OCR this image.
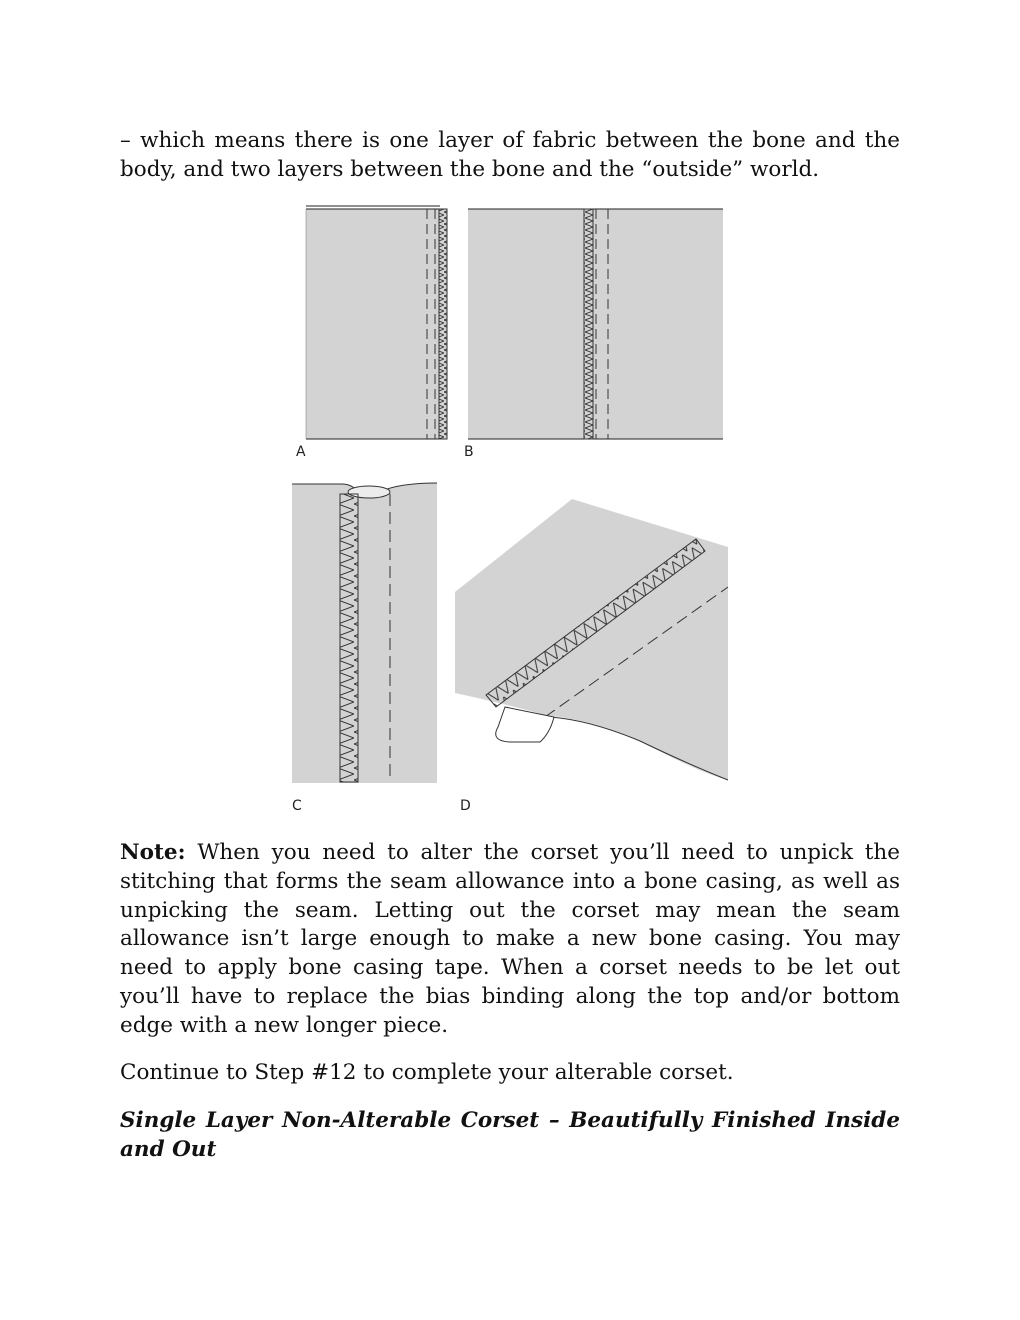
– which means there is one layer of fabric between the bone and the body, and two layers between the bone and the “outside” world.

A	B
C	D

Note: When you need to alter the corset you’ll need to unpick the stitching that forms the seam allowance into a bone casing, as well as unpicking the seam. Letting out the corset may mean the seam allowance isn’t large enough to make a new bone casing. You may need to apply bone casing tape. When a corset needs to be let out you’ll have to replace the bias binding along the top and/or bottom edge with a new longer piece.

Continue to Step #12 to complete your alterable corset.

Single Layer Non-Alterable Corset – Beautifully Finished Inside and Out
